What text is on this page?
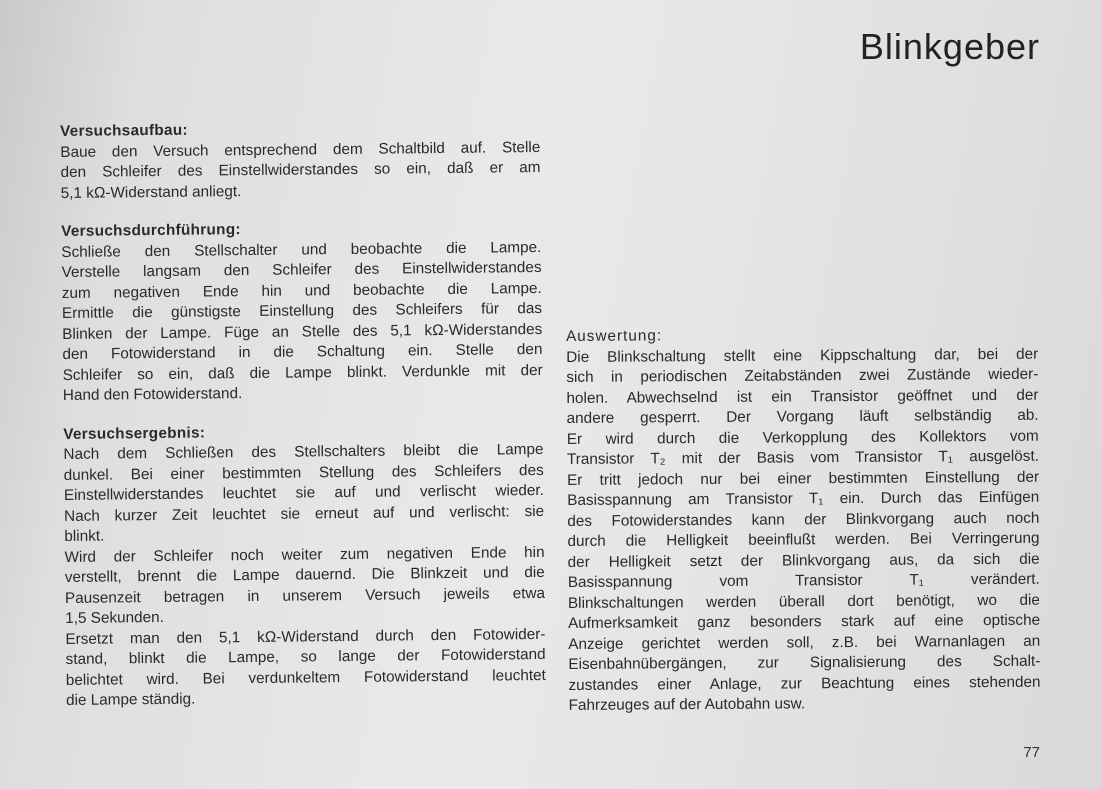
Blinkgeber

Versuchsaufbau:

Baue den Versuch entsprechend dem Schaltbild auf. Stelle
den Schleifer des Einstellwiderstandes so ein, daß er am
5,1 kΩ-Widerstand anliegt.

Versuchsdurchführung:

Schließe den Stellschalter und beobachte die Lampe.
Verstelle langsam den Schleifer des Einstellwiderstandes
zum negativen Ende hin und beobachte die Lampe.
Ermittle die günstigste Einstellung des Schleifers für das
Blinken der Lampe. Füge an Stelle des 5,1 kΩ-Widerstandes
den Fotowiderstand in die Schaltung ein. Stelle den
Schleifer so ein, daß die Lampe blinkt. Verdunkle mit der
Hand den Fotowiderstand.

Versuchsergebnis:

Nach dem Schließen des Stellschalters bleibt die Lampe
dunkel. Bei einer bestimmten Stellung des Schleifers des
Einstellwiderstandes leuchtet sie auf und verlischt wieder.
Nach kurzer Zeit leuchtet sie erneut auf und verlischt: sie
blinkt.
Wird der Schleifer noch weiter zum negativen Ende hin
verstellt, brennt die Lampe dauernd. Die Blinkzeit und die
Pausenzeit betragen in unserem Versuch jeweils etwa
1,5 Sekunden.
Ersetzt man den 5,1 kΩ-Widerstand durch den Fotowider-
stand, blinkt die Lampe, so lange der Fotowiderstand
belichtet wird. Bei verdunkeltem Fotowiderstand leuchtet
die Lampe ständig.

Auswertung:

Die Blinkschaltung stellt eine Kippschaltung dar, bei der
sich in periodischen Zeitabständen zwei Zustände wieder-
holen. Abwechselnd ist ein Transistor geöffnet und der
andere gesperrt. Der Vorgang läuft selbständig ab.
Er wird durch die Verkopplung des Kollektors vom
Transistor T₂ mit der Basis vom Transistor T₁ ausgelöst.
Er tritt jedoch nur bei einer bestimmten Einstellung der
Basisspannung am Transistor T₁ ein. Durch das Einfügen
des Fotowiderstandes kann der Blinkvorgang auch noch
durch die Helligkeit beeinflußt werden. Bei Verringerung
der Helligkeit setzt der Blinkvorgang aus, da sich die
Basisspannung vom Transistor T₁ verändert.
Blinkschaltungen werden überall dort benötigt, wo die
Aufmerksamkeit ganz besonders stark auf eine optische
Anzeige gerichtet werden soll, z.B. bei Warnanlagen an
Eisenbahnübergängen, zur Signalisierung des Schalt-
zustandes einer Anlage, zur Beachtung eines stehenden
Fahrzeuges auf der Autobahn usw.
77
